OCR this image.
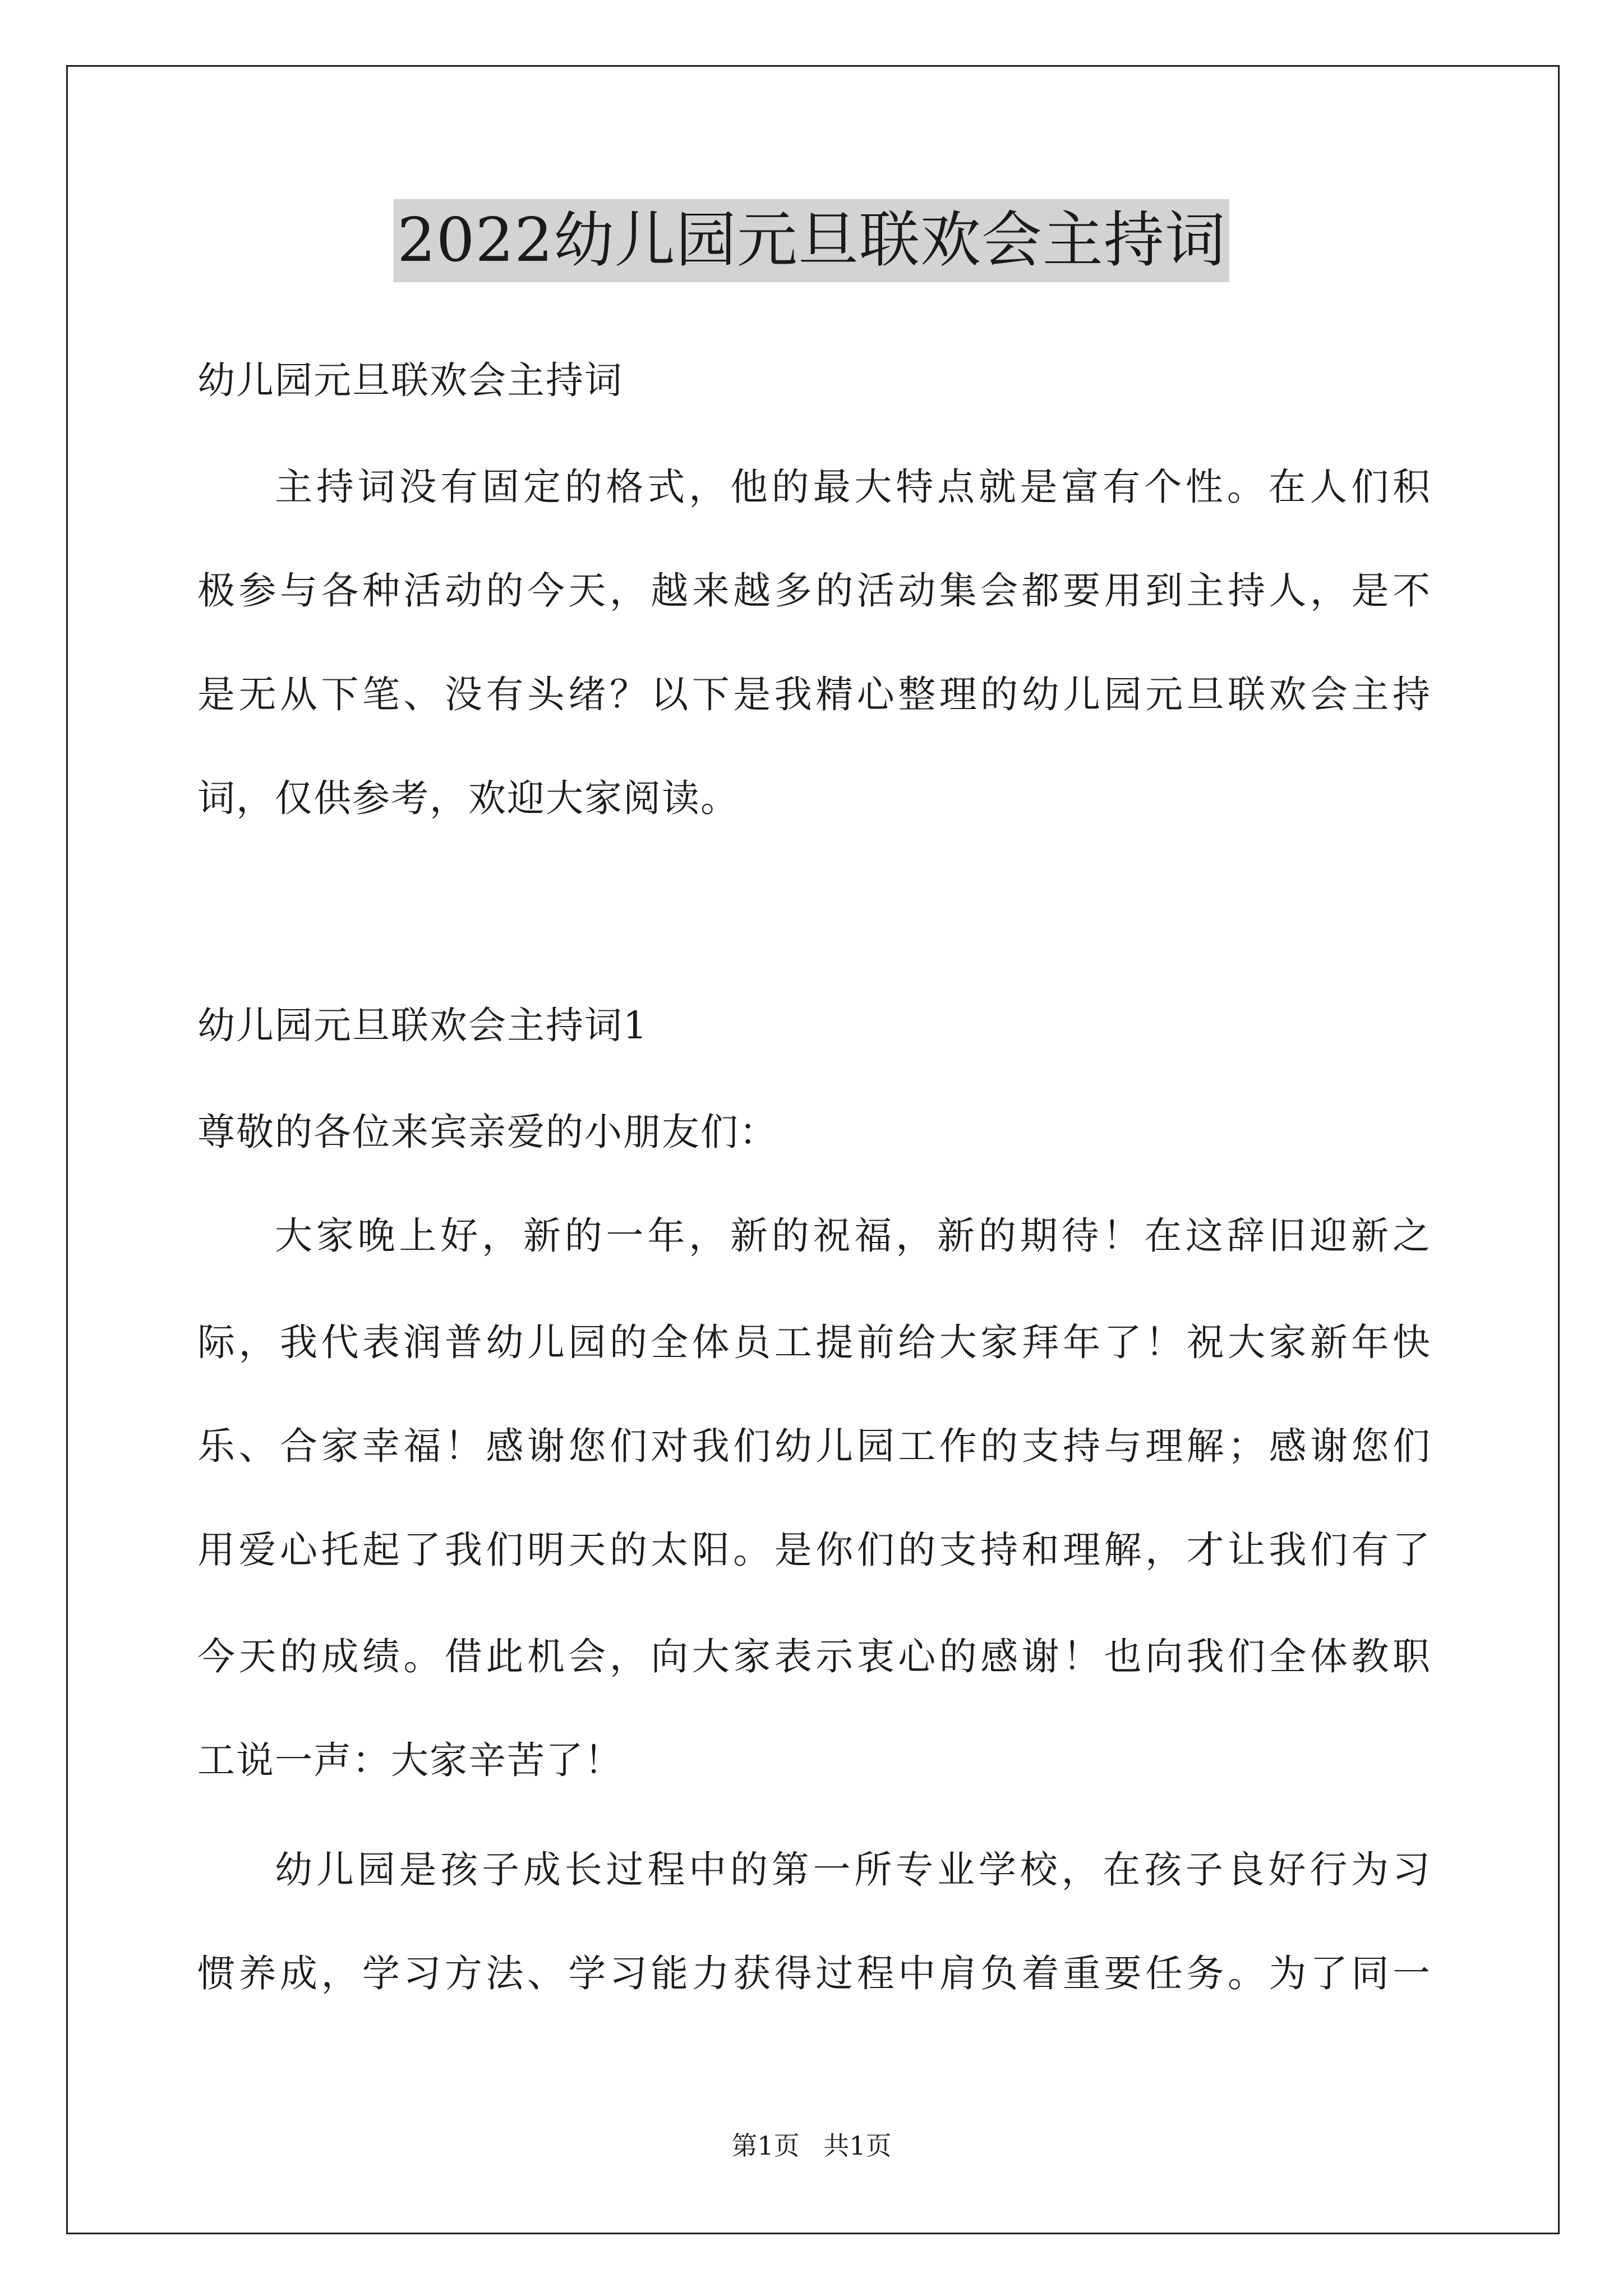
2022幼儿园元旦联欢会主持词
幼儿园元旦联欢会主持词
主持词没有固定的格式，他的最大特点就是富有个性。在人们积
极参与各种活动的今天，越来越多的活动集会都要用到主持人，是不
是无从下笔、没有头绪？以下是我精心整理的幼儿园元旦联欢会主持
词，仅供参考，欢迎大家阅读。
幼儿园元旦联欢会主持词1
尊敬的各位来宾亲爱的小朋友们：
大家晚上好，新的一年，新的祝福，新的期待！在这辞旧迎新之
际，我代表润普幼儿园的全体员工提前给大家拜年了！祝大家新年快
乐、合家幸福！感谢您们对我们幼儿园工作的支持与理解；感谢您们
用爱心托起了我们明天的太阳。是你们的支持和理解，才让我们有了
今天的成绩。借此机会，向大家表示衷心的感谢！也向我们全体教职
工说一声：大家辛苦了！
幼儿园是孩子成长过程中的第一所专业学校，在孩子良好行为习
惯养成，学习方法、学习能力获得过程中肩负着重要任务。为了同一
第1页 共1页
